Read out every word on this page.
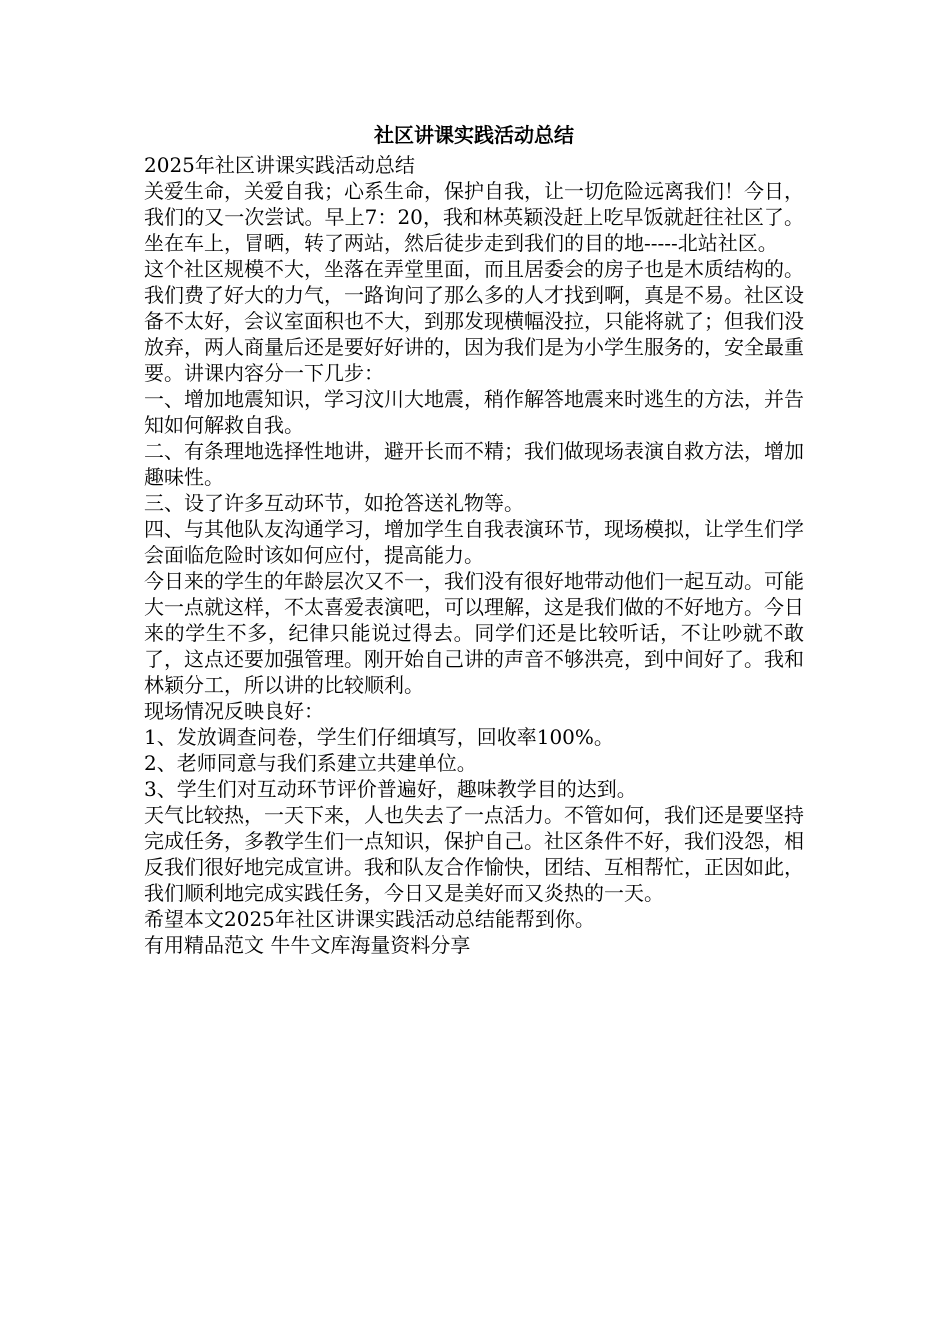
社区讲课实践活动总结

2025年社区讲课实践活动总结

关爱生命，关爱自我；心系生命，保护自我，让一切危险远离我们！今日，我们的又一次尝试。早上7：20，我和林英颖没赶上吃早饭就赶往社区了。坐在车上，冒晒，转了两站，然后徒步走到我们的目的地-----北站社区。

这个社区规模不大，坐落在弄堂里面，而且居委会的房子也是木质结构的。我们费了好大的力气，一路询问了那么多的人才找到啊，真是不易。社区设备不太好，会议室面积也不大，到那发现横幅没拉，只能将就了；但我们没放弃，两人商量后还是要好好讲的，因为我们是为小学生服务的，安全最重要。讲课内容分一下几步：

一、增加地震知识，学习汶川大地震，稍作解答地震来时逃生的方法，并告知如何解救自我。

二、有条理地选择性地讲，避开长而不精；我们做现场表演自救方法，增加趣味性。

三、设了许多互动环节，如抢答送礼物等。

四、与其他队友沟通学习，增加学生自我表演环节，现场模拟，让学生们学会面临危险时该如何应付，提高能力。

今日来的学生的年龄层次又不一，我们没有很好地带动他们一起互动。可能大一点就这样，不太喜爱表演吧，可以理解，这是我们做的不好地方。今日来的学生不多，纪律只能说过得去。同学们还是比较听话，不让吵就不敢了，这点还要加强管理。刚开始自己讲的声音不够洪亮，到中间好了。我和林颖分工，所以讲的比较顺利。

现场情况反映良好：

1、发放调查问卷，学生们仔细填写，回收率100%。

2、老师同意与我们系建立共建单位。

3、学生们对互动环节评价普遍好，趣味教学目的达到。

天气比较热，一天下来，人也失去了一点活力。不管如何，我们还是要坚持完成任务，多教学生们一点知识，保护自己。社区条件不好，我们没怨，相反我们很好地完成宣讲。我和队友合作愉快，团结、互相帮忙，正因如此，我们顺利地完成实践任务，今日又是美好而又炎热的一天。

希望本文2025年社区讲课实践活动总结能帮到你。

有用精品范文 牛牛文库海量资料分享
